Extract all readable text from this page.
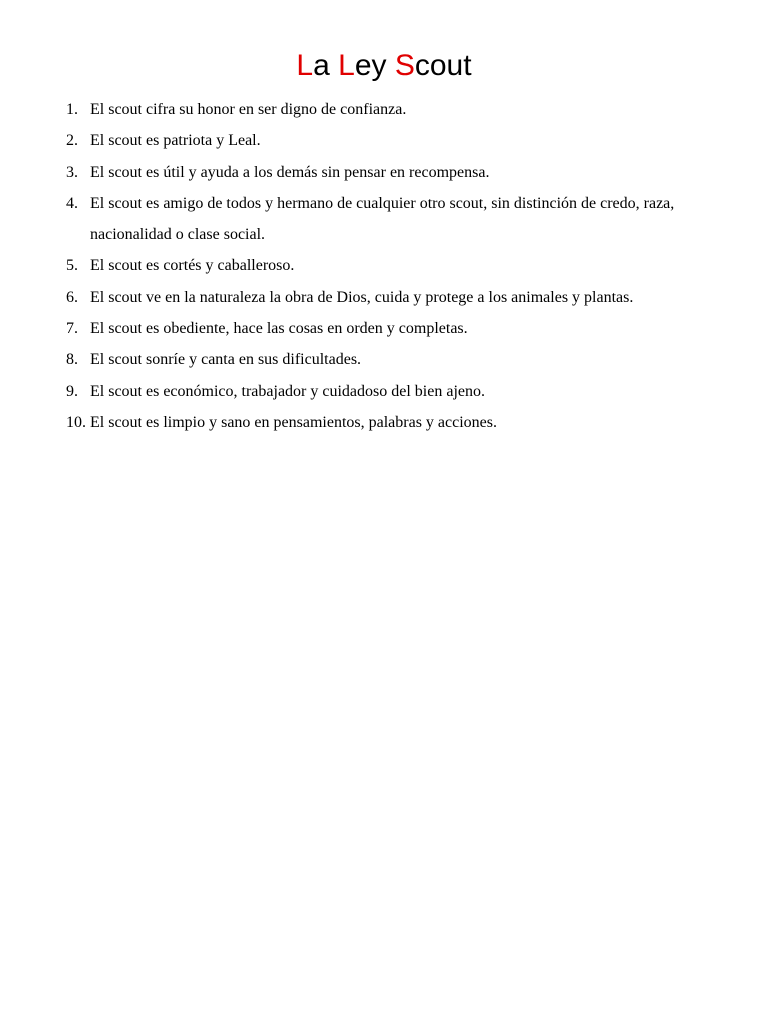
La Ley Scout
1. El scout cifra su honor en ser digno de confianza.
2. El scout es patriota y Leal.
3. El scout es útil y ayuda a los demás sin pensar en recompensa.
4. El scout es amigo de todos y hermano de cualquier otro scout, sin distinción de credo, raza, nacionalidad o clase social.
5. El scout es cortés y caballeroso.
6. El scout ve en la naturaleza la obra de Dios, cuida y protege a los animales y plantas.
7. El scout es obediente, hace las cosas en orden y completas.
8. El scout sonríe y canta en sus dificultades.
9. El scout es económico, trabajador y cuidadoso del bien ajeno.
10. El scout es limpio y sano en pensamientos, palabras y acciones.
